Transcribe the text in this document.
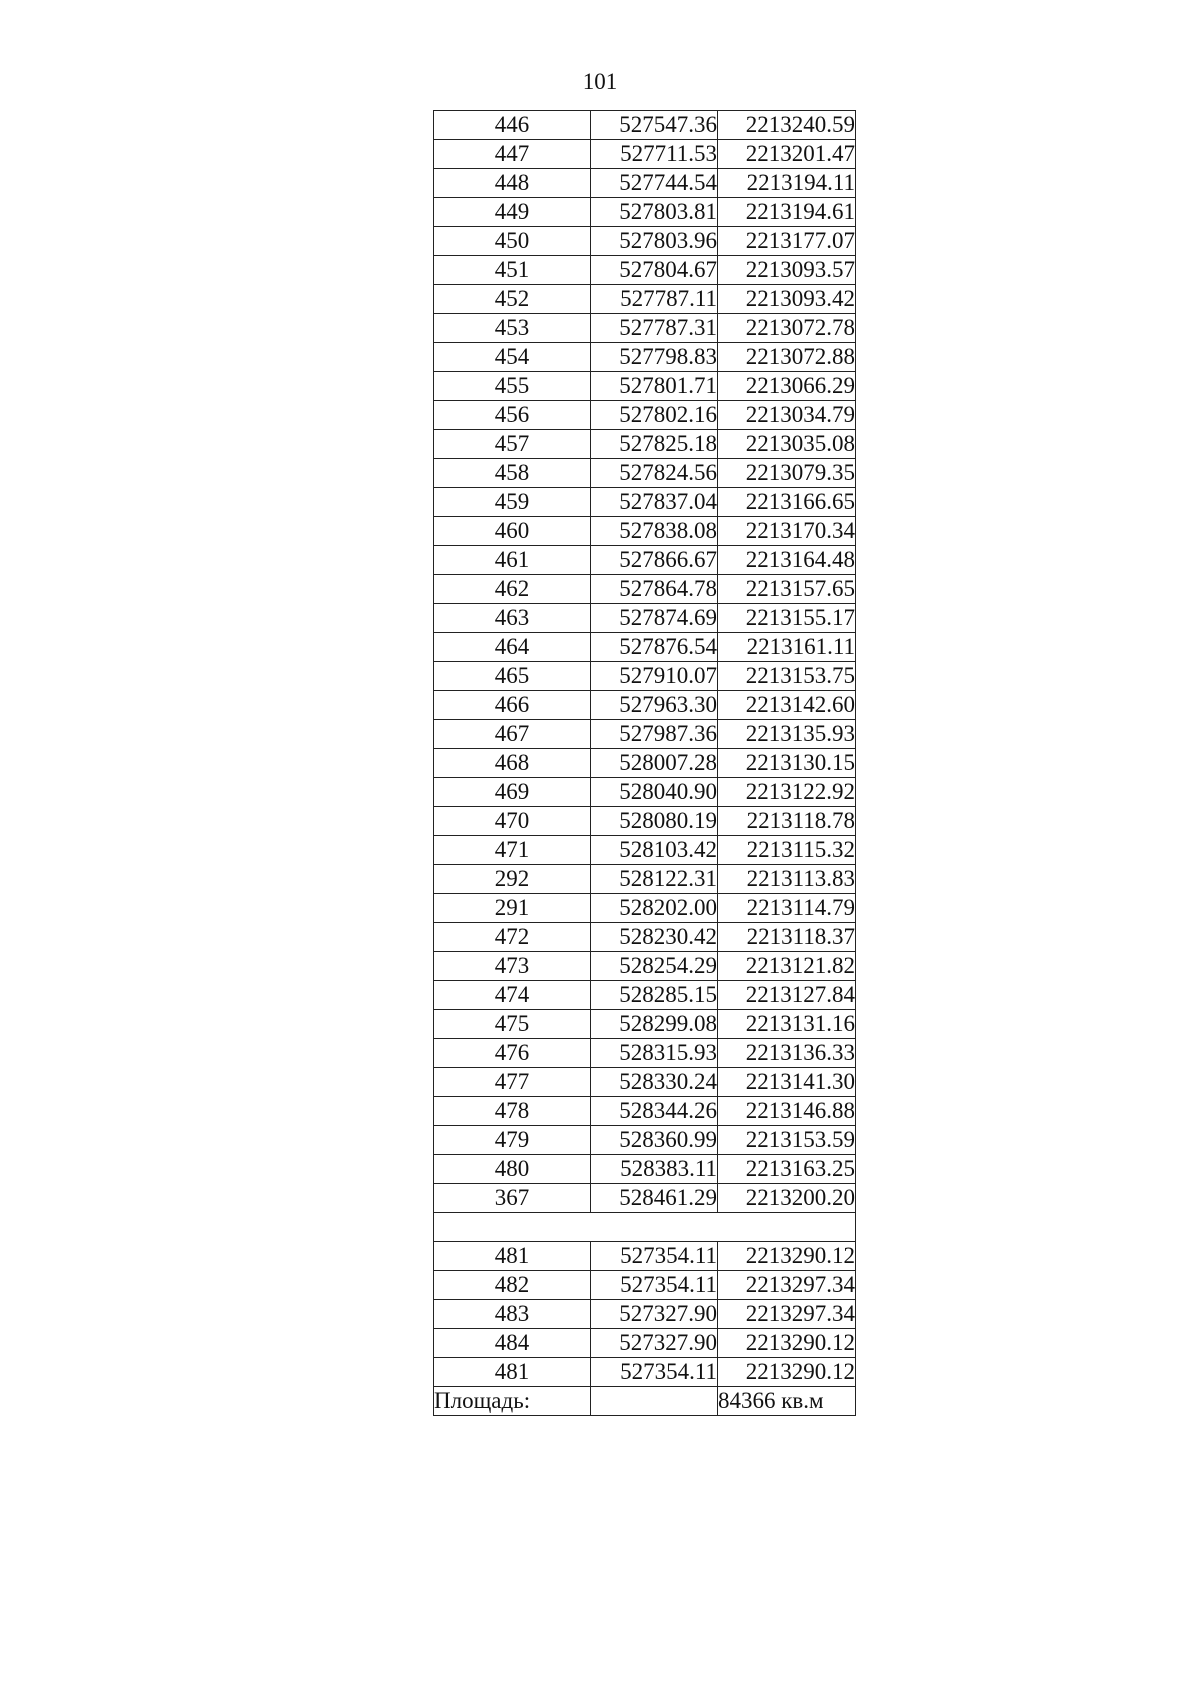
101
446	527547.36	2213240.59
447	527711.53	2213201.47
448	527744.54	2213194.11
449	527803.81	2213194.61
450	527803.96	2213177.07
451	527804.67	2213093.57
452	527787.11	2213093.42
453	527787.31	2213072.78
454	527798.83	2213072.88
455	527801.71	2213066.29
456	527802.16	2213034.79
457	527825.18	2213035.08
458	527824.56	2213079.35
459	527837.04	2213166.65
460	527838.08	2213170.34
461	527866.67	2213164.48
462	527864.78	2213157.65
463	527874.69	2213155.17
464	527876.54	2213161.11
465	527910.07	2213153.75
466	527963.30	2213142.60
467	527987.36	2213135.93
468	528007.28	2213130.15
469	528040.90	2213122.92
470	528080.19	2213118.78
471	528103.42	2213115.32
292	528122.31	2213113.83
291	528202.00	2213114.79
472	528230.42	2213118.37
473	528254.29	2213121.82
474	528285.15	2213127.84
475	528299.08	2213131.16
476	528315.93	2213136.33
477	528330.24	2213141.30
478	528344.26	2213146.88
479	528360.99	2213153.59
480	528383.11	2213163.25
367	528461.29	2213200.20

481	527354.11	2213290.12
482	527354.11	2213297.34
483	527327.90	2213297.34
484	527327.90	2213290.12
481	527354.11	2213290.12
Площадь:		84366 кв.м
